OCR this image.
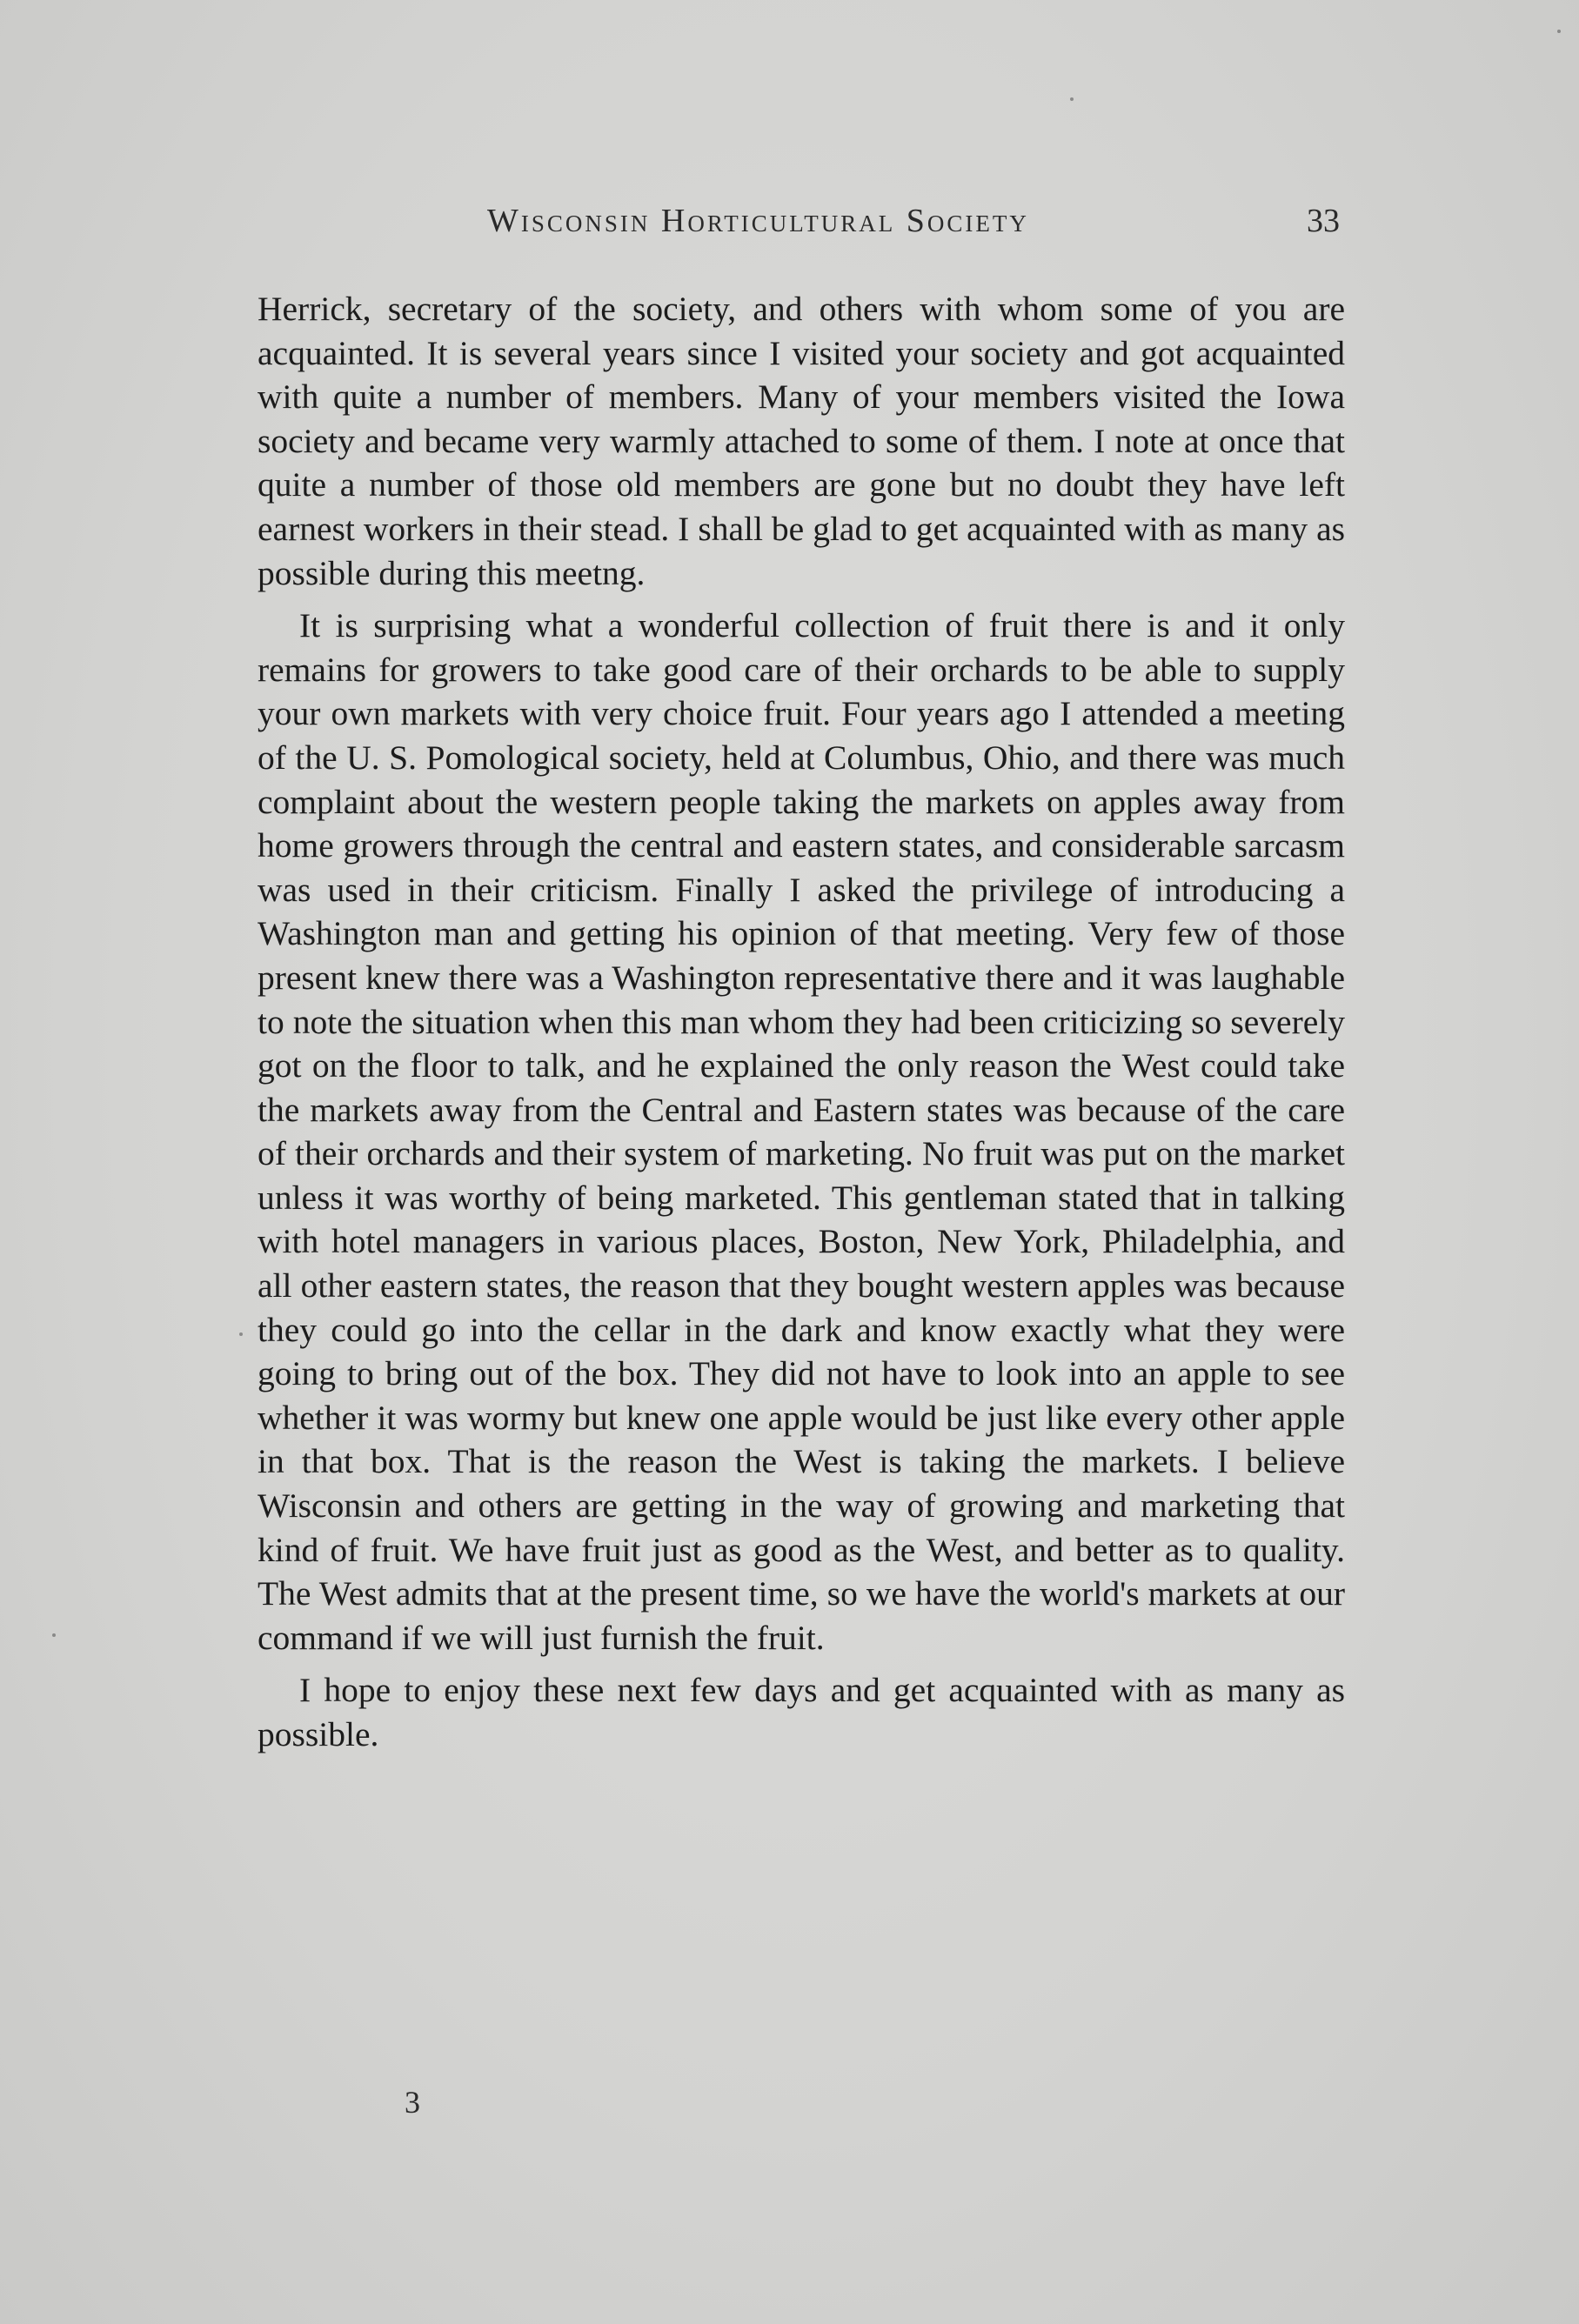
Wisconsin Horticultural Society	33

Herrick, secretary of the society, and others with whom some of you are acquainted. It is several years since I visited your society and got acquainted with quite a number of members. Many of your members visited the Iowa society and became very warmly attached to some of them. I note at once that quite a number of those old members are gone but no doubt they have left earnest workers in their stead. I shall be glad to get acquainted with as many as possible during this meetng.

It is surprising what a wonderful collection of fruit there is and it only remains for growers to take good care of their orchards to be able to supply your own markets with very choice fruit. Four years ago I attended a meeting of the U. S. Pomological society, held at Columbus, Ohio, and there was much complaint about the western people taking the markets on apples away from home growers through the central and eastern states, and considerable sarcasm was used in their criticism. Finally I asked the privilege of introducing a Washington man and getting his opinion of that meeting. Very few of those present knew there was a Washington representative there and it was laughable to note the situation when this man whom they had been criticizing so severely got on the floor to talk, and he explained the only reason the West could take the markets away from the Central and Eastern states was because of the care of their orchards and their system of marketing. No fruit was put on the market unless it was worthy of being marketed. This gentleman stated that in talking with hotel managers in various places, Boston, New York, Philadelphia, and all other eastern states, the reason that they bought western apples was because they could go into the cellar in the dark and know exactly what they were going to bring out of the box. They did not have to look into an apple to see whether it was wormy but knew one apple would be just like every other apple in that box. That is the reason the West is taking the markets. I believe Wisconsin and others are getting in the way of growing and marketing that kind of fruit. We have fruit just as good as the West, and better as to quality. The West admits that at the present time, so we have the world's markets at our command if we will just furnish the fruit.

I hope to enjoy these next few days and get acquainted with as many as possible.

3
